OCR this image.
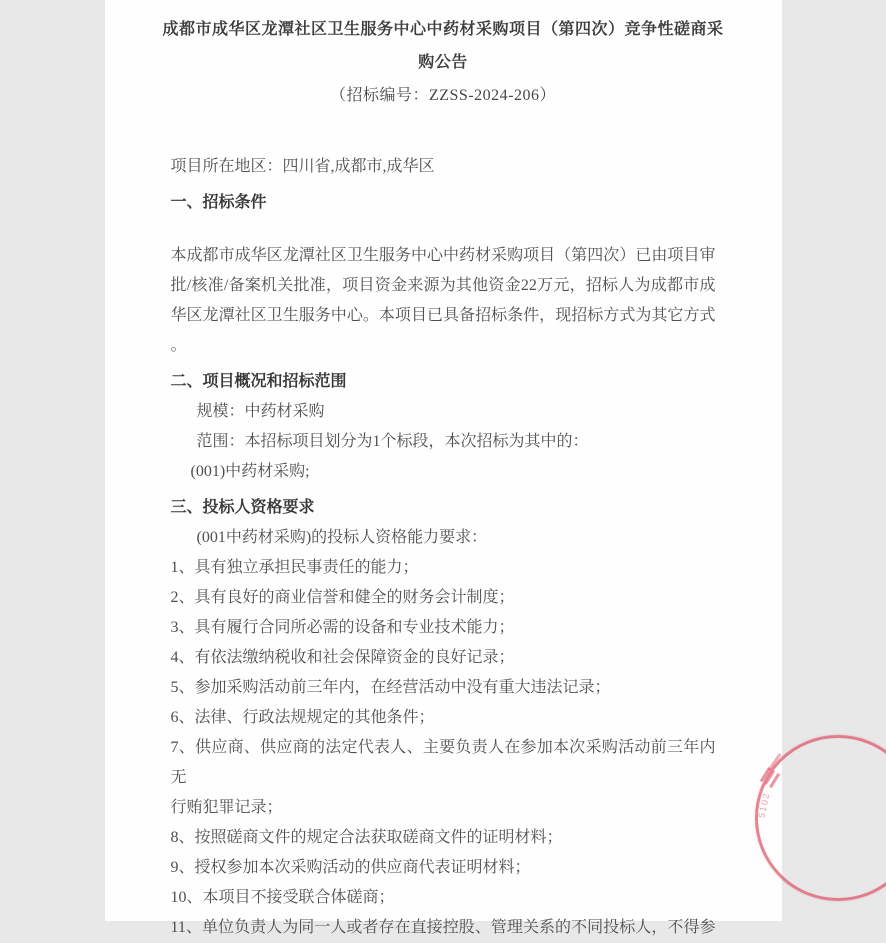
成都市成华区龙潭社区卫生服务中心中药材采购项目（第四次）竞争性磋商采
购公告
（招标编号：ZZSS-2024-206）
项目所在地区：四川省,成都市,成华区
一、招标条件
本成都市成华区龙潭社区卫生服务中心中药材采购项目（第四次）已由项目审
批/核准/备案机关批准，项目资金来源为其他资金22万元，招标人为成都市成
华区龙潭社区卫生服务中心。本项目已具备招标条件，现招标方式为其它方式
。
二、项目概况和招标范围
规模：中药材采购
范围：本招标项目划分为1个标段，本次招标为其中的：
(001)中药材采购;
三、投标人资格要求
(001中药材采购)的投标人资格能力要求：
1、具有独立承担民事责任的能力；
2、具有良好的商业信誉和健全的财务会计制度；
3、具有履行合同所必需的设备和专业技术能力；
4、有依法缴纳税收和社会保障资金的良好记录；
5、参加采购活动前三年内，在经营活动中没有重大违法记录；
6、法律、行政法规规定的其他条件；
7、供应商、供应商的法定代表人、主要负责人在参加本次采购活动前三年内无
行贿犯罪记录；
8、按照磋商文件的规定合法获取磋商文件的证明材料；
9、授权参加本次采购活动的供应商代表证明材料；
10、本项目不接受联合体磋商；
11、单位负责人为同一人或者存在直接控股、管理关系的不同投标人，不得参
5102
